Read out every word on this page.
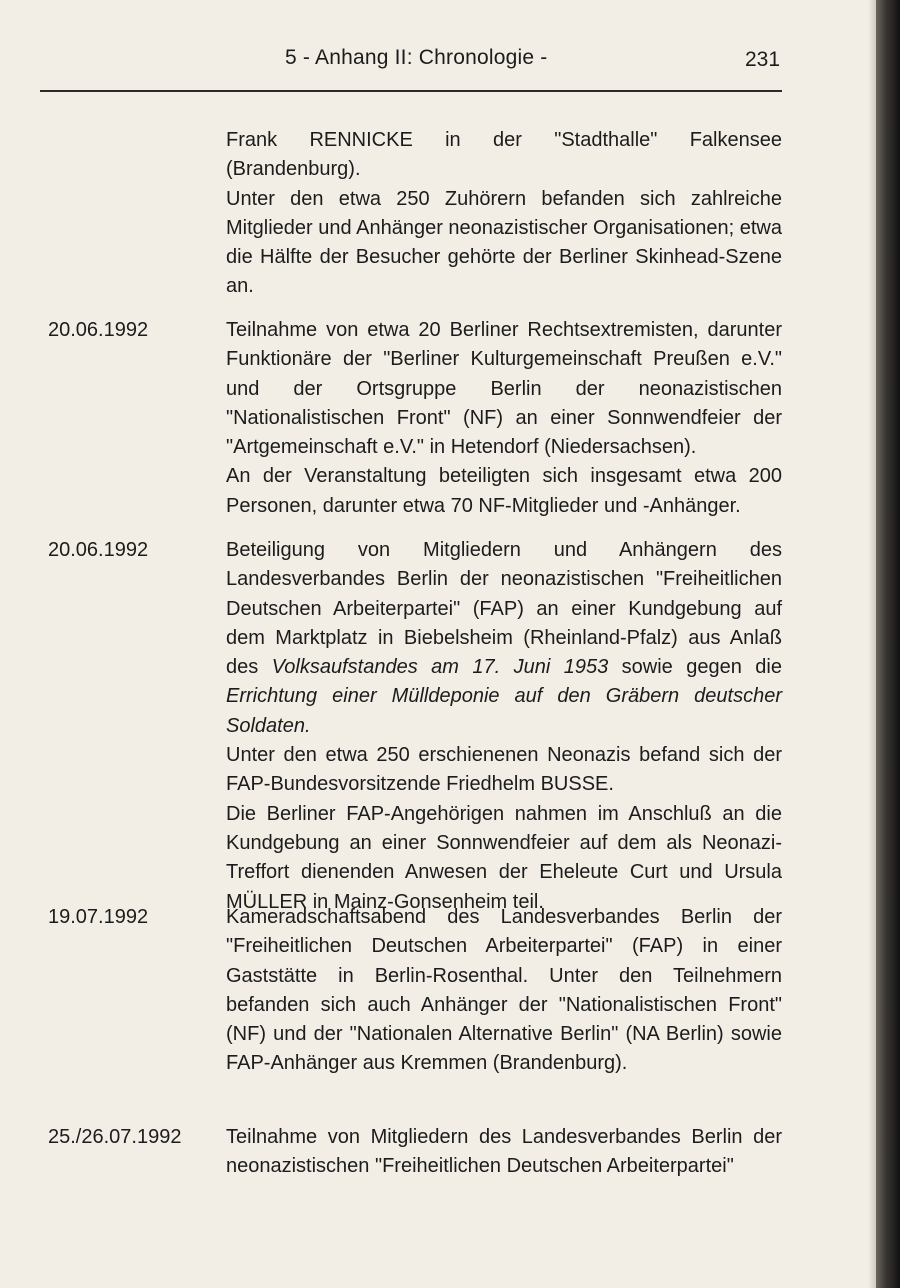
5 - Anhang II: Chronologie -	231

Frank RENNICKE in der "Stadthalle" Falkensee (Brandenburg).

Unter den etwa 250 Zuhörern befanden sich zahlreiche Mitglieder und Anhänger neonazistischer Organisationen; etwa die Hälfte der Besucher gehörte der Berliner Skinhead-Szene an.

20.06.1992	Teilnahme von etwa 20 Berliner Rechtsextremisten, darunter Funktionäre der "Berliner Kulturgemeinschaft Preußen e.V." und der Ortsgruppe Berlin der neonazistischen "Nationalistischen Front" (NF) an einer Sonnwendfeier der "Artgemeinschaft e.V." in Hetendorf (Niedersachsen).

An der Veranstaltung beteiligten sich insgesamt etwa 200 Personen, darunter etwa 70 NF-Mitglieder und -Anhänger.

20.06.1992	Beteiligung von Mitgliedern und Anhängern des Landesverbandes Berlin der neonazistischen "Freiheitlichen Deutschen Arbeiterpartei" (FAP) an einer Kundgebung auf dem Marktplatz in Biebelsheim (Rheinland-Pfalz) aus Anlaß des Volksaufstandes am 17. Juni 1953 sowie gegen die Errichtung einer Mülldeponie auf den Gräbern deutscher Soldaten.

Unter den etwa 250 erschienenen Neonazis befand sich der FAP-Bundesvorsitzende Friedhelm BUSSE.

Die Berliner FAP-Angehörigen nahmen im Anschluß an die Kundgebung an einer Sonnwendfeier auf dem als Neonazi-Treffort dienenden Anwesen der Eheleute Curt und Ursula MÜLLER in Mainz-Gonsenheim teil.

19.07.1992	Kameradschaftsabend des Landesverbandes Berlin der "Freiheitlichen Deutschen Arbeiterpartei" (FAP) in einer Gaststätte in Berlin-Rosenthal. Unter den Teilnehmern befanden sich auch Anhänger der "Nationalistischen Front" (NF) und der "Nationalen Alternative Berlin" (NA Berlin) sowie FAP-Anhänger aus Kremmen (Brandenburg).

25./26.07.1992 Teilnahme von Mitgliedern des Landesverbandes Berlin der neonazistischen "Freiheitlichen Deutschen Arbeiterpartei"
